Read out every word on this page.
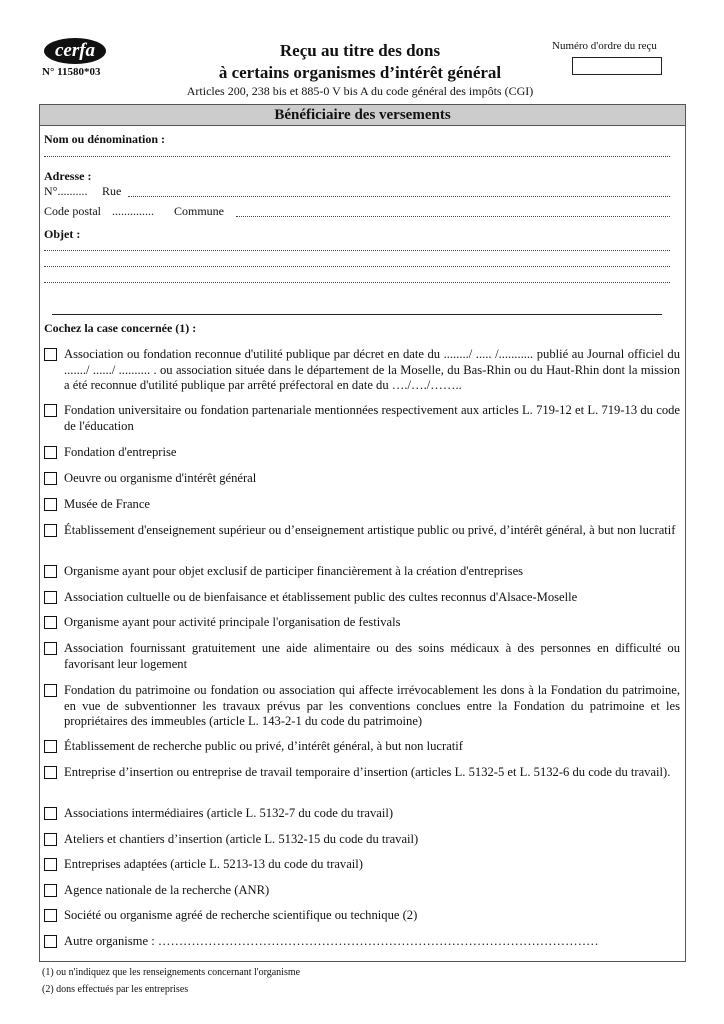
cerfa
N° 11580*03
Reçu au titre des dons
à certains organismes d’intérêt général
Articles 200, 238 bis et 885-0 V bis A du code général des impôts (CGI)
Numéro d'ordre du reçu
Bénéficiaire des versements
Nom ou dénomination :
Adresse :
N°.......... Rue
Code postal .............. Commune
Objet :
Cochez la case concernée (1) :
Association ou fondation reconnue d'utilité publique par décret en date du ......../ ..... /........... publié au Journal officiel du ......./ ....../ .......... . ou association située dans le département de la Moselle, du Bas-Rhin ou du Haut-Rhin dont la mission a été reconnue d'utilité publique par arrêté préfectoral en date du …./…./……..
Fondation universitaire ou fondation partenariale mentionnées respectivement aux articles L. 719-12 et L. 719-13 du code de l'éducation
Fondation d'entreprise
Oeuvre ou organisme d'intérêt général
Musée de France
Établissement d'enseignement supérieur ou d’enseignement artistique public ou privé, d’intérêt général, à but non lucratif
Organisme ayant pour objet exclusif de participer financièrement à la création d'entreprises
Association cultuelle ou de bienfaisance et établissement public des cultes reconnus d'Alsace-Moselle
Organisme ayant pour activité principale l'organisation de festivals
Association fournissant gratuitement une aide alimentaire ou des soins médicaux à des personnes en difficulté ou favorisant leur logement
Fondation du patrimoine ou fondation ou association qui affecte irrévocablement les dons à la Fondation du patrimoine, en vue de subventionner les travaux prévus par les conventions conclues entre la Fondation du patrimoine et les propriétaires des immeubles (article L. 143-2-1 du code du patrimoine)
Établissement de recherche public ou privé, d’intérêt général, à but non lucratif
Entreprise d’insertion ou entreprise de travail temporaire d’insertion (articles L. 5132-5 et L. 5132-6 du code du travail).
Associations intermédiaires (article L. 5132-7 du code du travail)
Ateliers et chantiers d’insertion (article L. 5132-15 du code du travail)
Entreprises adaptées (article L. 5213-13 du code du travail)
Agence nationale de la recherche (ANR)
Société ou organisme agréé de recherche scientifique ou technique (2)
Autre organisme : ……………………………………………………………………………………………
(1) ou n'indiquez que les renseignements concernant l'organisme
(2) dons effectués par les entreprises
